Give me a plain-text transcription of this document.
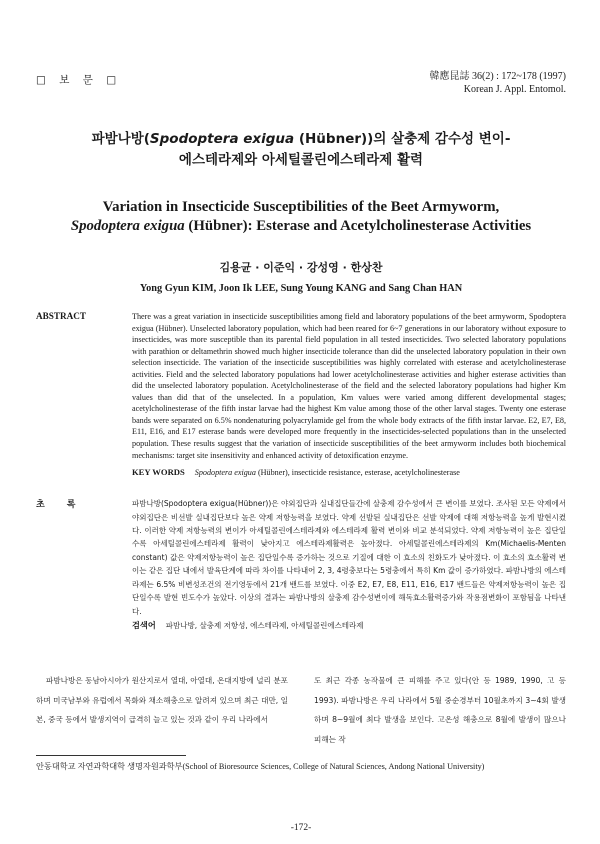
□ 보 문 □	韓應昆誌 36(2) : 172~178 (1997)
Korean J. Appl. Entomol.
파밤나방(Spodoptera exigua (Hübner))의 살충제 감수성 변이-에스테라제와 아세틸콜린에스테라제 활력
Variation in Insecticide Susceptibilities of the Beet Armyworm,
Spodoptera exigua (Hübner): Esterase and Acetylcholinesterase Activities
김용균 · 이준익 · 강성영 · 한상찬
Yong Gyun KIM, Joon Ik LEE, Sung Young KANG and Sang Chan HAN
ABSTRACT	There was a great variation in insecticide susceptibilities among field and laboratory populations of the beet armyworm, Spodoptera exigua (Hübner). Unselected laboratory population, which had been reared for 6~7 generations in our laboratory without exposure to insecticides, was more susceptible than its parental field population in all tested insecticides. Two selected laboratory populations with parathion or deltamethrin showed much higher insecticide tolerance than did the unselected laboratory population in their own selection insecticide. The variation of the insecticide susceptibilities was highly correlated with esterase and acetylcholinesterase activities. Field and the selected laboratory populations had lower acetylcholinesterase activities and higher esterase activities than did the unselected laboratory population. Acetylcholinesterase of the field and the selected laboratory populations had higher Km values than did that of the unselected. In a population, Km values were varied among different developmental stages; acetylcholinesterase of the fifth instar larvae had the highest Km value among those of the other larval stages. Twenty one esterase bands were separated on 6.5% nondenaturing polyacrylamide gel from the whole body extracts of the fifth instar larvae. E2, E7, E8, E11, E16, and E17 esterase bands were developed more frequently in the insecticides-selected populations than in the unselected population. These results suggest that the variation of insecticide susceptibilities of the beet armyworm includes both biochemical mechanisms: target site insensitivity and enhanced activity of detoxification enzyme.
KEY WORDS Spodoptera exigua (Hübner), insecticide resistance, esterase, acetylcholinesterase
초록	파밤나방(Spodoptera exigua(Hübner))은 야외집단과 실내집단들간에 살충제 감수성에서 큰 변이를 보였다. 조사된 모든 약제에서 야외집단은 비선발 실내집단보다 높은 약제 저항능력을 보였다. 약제 선발된 실내집단은 선발 약제에 대해 저항능력을 높게 발현시켰다. 이러한 약제 저항능력의 변이가 아세틸콜린에스테라제와 에스테라제 활력 변이와 비교 분석되었다. 약제 저항능력이 높은 집단일수록 아세틸콜린에스테라제 활력이 낮아지고 에스테라제활력은 높아졌다. 아세틸콜린에스테라제의 Km(Michaelis-Menten constant) 값은 약제저항능력이 높은 집단일수록 증가하는 것으로 기질에 대한 이 효소의 친화도가 낮아졌다. 이 효소의 효소활력 변이는 같은 집단 내에서 발육단계에 따라 차이를 나타내어 2, 3, 4령충보다는 5령충에서 특히 Km 값이 증가하였다. 파밤나방의 에스테라제는 6.5% 비변성조건의 전기영동에서 21개 밴드를 보였다. 이중 E2, E7, E8, E11, E16, E17 밴드들은 약제저항능력이 높은 집단일수록 발현 빈도수가 높았다. 이상의 결과는 파밤나방의 살충제 감수성변이에 해독효소활력증가와 작용점변화이 포함됨을 나타낸다.
검색어 파밤나방, 살충제 저항성, 에스테라제, 아세틸콜린에스테라제
파밤나방은 동남아시아가 원산지로서 열대, 아열대, 온대지방에 널리 분포하며 미국남부와 유럽에서 목화와 채소해충으로 알려져 있으며 최근 대만, 일본, 중국 등에서 발생지역이 급격히 늘고 있는 것과 같이 우리 나라에서
도 최근 각종 농작물에 큰 피해를 주고 있다(안 등 1989, 1990, 고 등 1993). 파밤나방은 우리 나라에서 5월 중순경부터 10월초까지 3~4회 발생하며 8~9월에 최다 발생을 보인다. 고온성 해충으로 8월에 발생이 많으나 피해는 작
안동대학교 자연과학대학 생명자원과학부(School of Bioresource Sciences, College of Natural Sciences, Andong National University)
-172-
